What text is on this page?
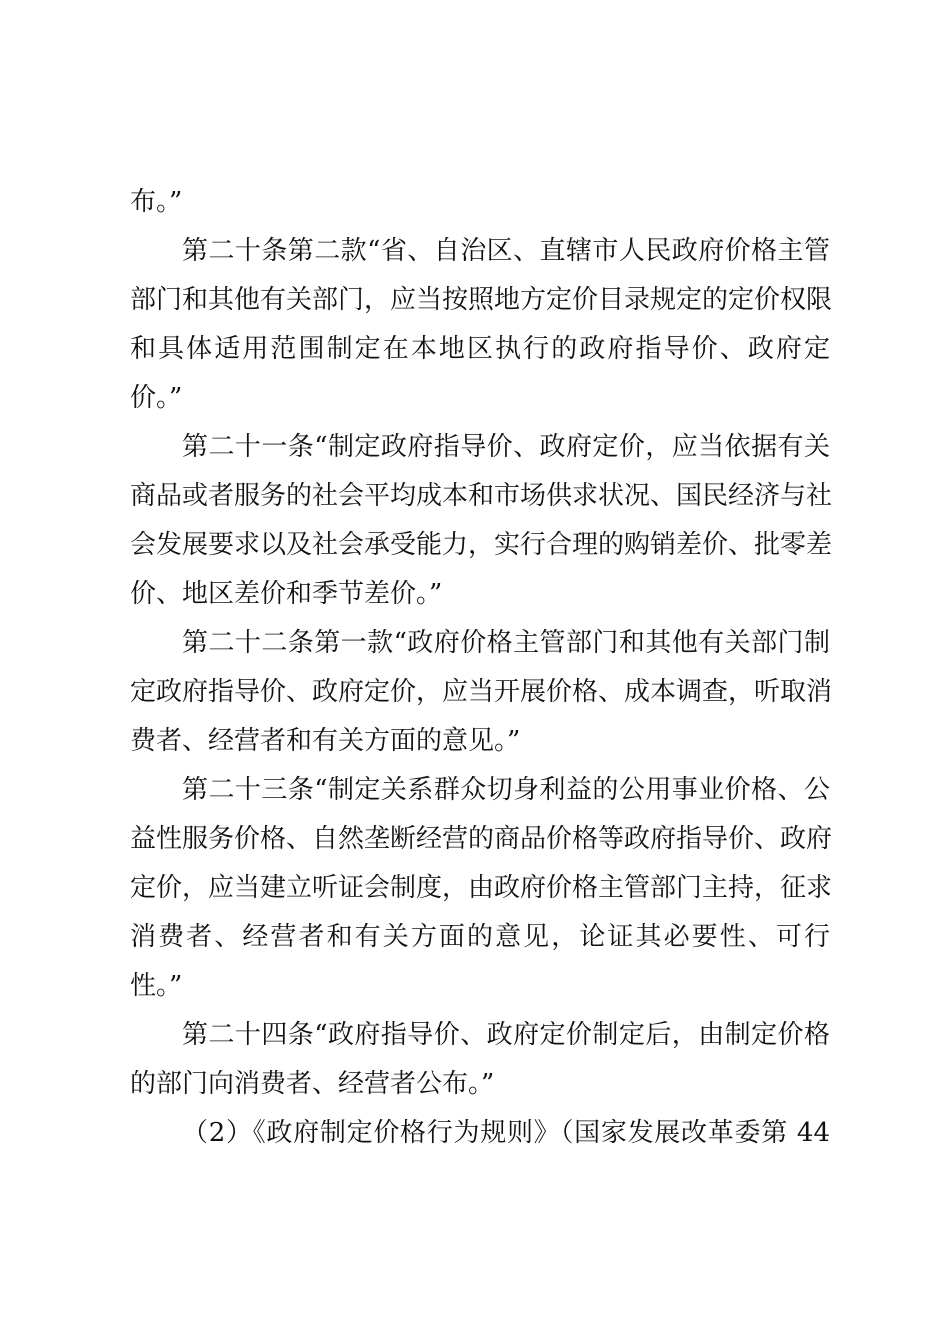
布。”
第二十条第二款“省、自治区、直辖市人民政府价格主管
部门和其他有关部门，应当按照地方定价目录规定的定价权限
和具体适用范围制定在本地区执行的政府指导价、政府定
价。”
第二十一条“制定政府指导价、政府定价，应当依据有关
商品或者服务的社会平均成本和市场供求状况、国民经济与社
会发展要求以及社会承受能力，实行合理的购销差价、批零差
价、地区差价和季节差价。”
第二十二条第一款“政府价格主管部门和其他有关部门制
定政府指导价、政府定价，应当开展价格、成本调查，听取消
费者、经营者和有关方面的意见。”
第二十三条“制定关系群众切身利益的公用事业价格、公
益性服务价格、自然垄断经营的商品价格等政府指导价、政府
定价，应当建立听证会制度，由政府价格主管部门主持，征求
消费者、经营者和有关方面的意见，论证其必要性、可行
性。”
第二十四条“政府指导价、政府定价制定后，由制定价格
的部门向消费者、经营者公布。”
（2）《政府制定价格行为规则》（国家发展改革委第 44
